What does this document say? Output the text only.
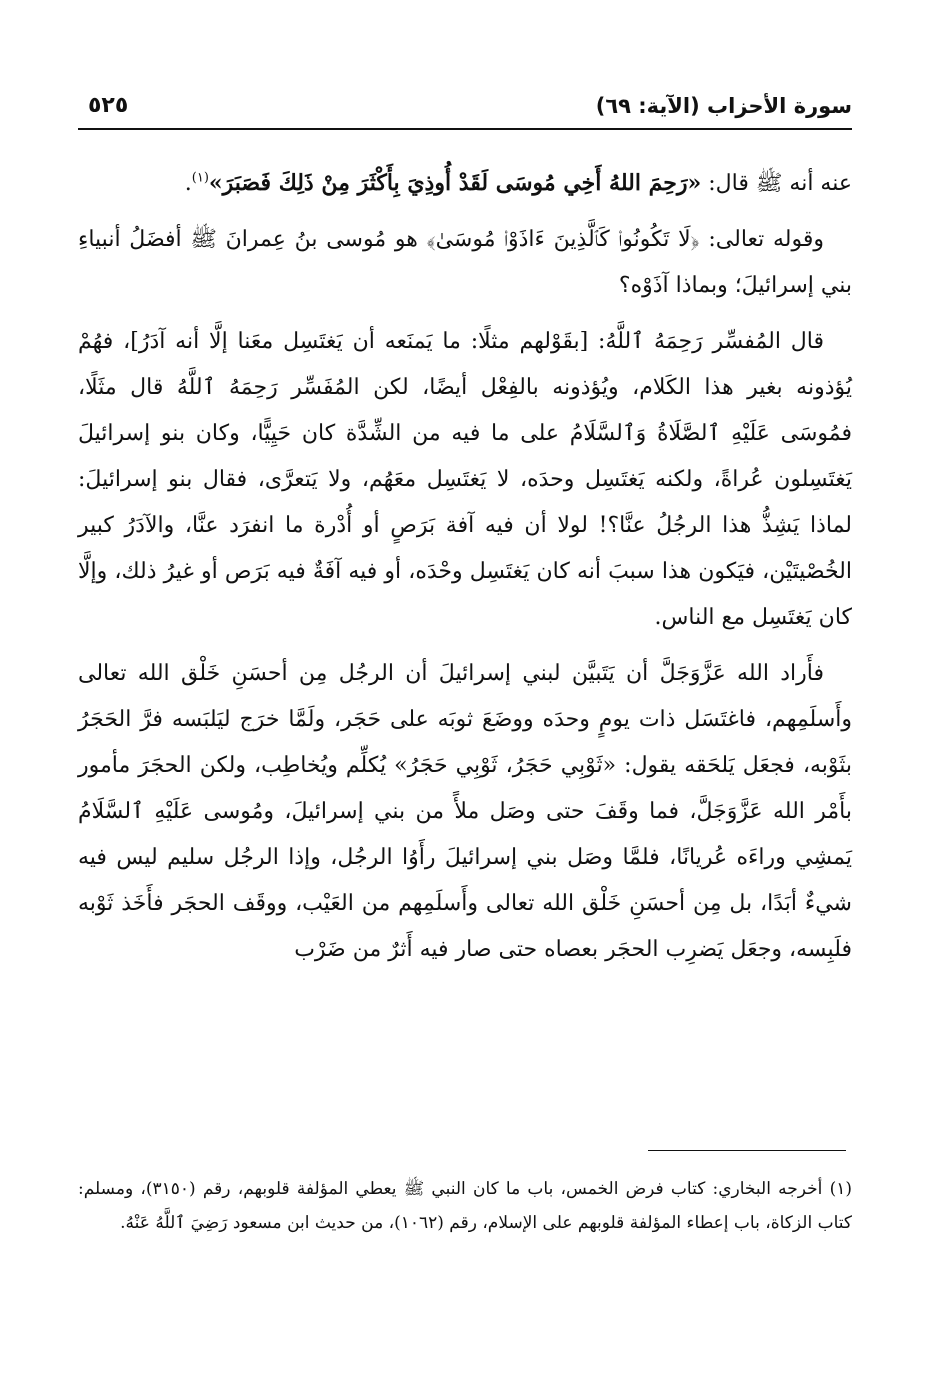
سورة الأحزاب (الآية: ٦٩)
٥٢٥

عنه أنه ﷺ قال: «رَحِمَ اللهُ أَخِي مُوسَى لَقَدْ أُوذِيَ بِأَكْثَرَ مِنْ ذَلِكَ فَصَبَرَ»$^{(١)}$.

وقوله تعالى: ﴿لَا تَكُونُوا۟ كَٱلَّذِينَ ءَاذَوْا۟ مُوسَىٰ﴾ هو مُوسى بنُ عِمرانَ ﷺ أفضَلُ أنبياءِ بني إسرائيلَ؛ وبماذا آذَوْه؟

قال المُفسِّر رَحِمَهُ ٱللَّهُ: [بقَوْلهم مثلًا: ما يَمنَعه أن يَغتَسِل معَنا إلَّا أنه آدَرُ]، فهُمْ يُؤذونه بغير هذا الكَلام، ويُؤذونه بالفِعْل أيضًا، لكن المُفَسِّر رَحِمَهُ ٱللَّهُ قال مثَلًا، فمُوسَى عَلَيْهِ ٱلصَّلَاةُ وَٱلسَّلَامُ على ما فيه من الشِّدَّة كان حَيِيًّا، وكان بنو إسرائيلَ يَغتَسِلون عُراةً، ولكنه يَغتَسِل وحدَه، لا يَغتَسِل معَهُم، ولا يَتعرَّى، فقال بنو إسرائيلَ: لماذا يَشِذُّ هذا الرجُلُ عنَّا؟! لولا أن فيه آفة بَرَصٍ أو أُدْرة ما انفرَد عنَّا، والآدَرُ كبير الخُصْيتَيْن، فيَكون هذا سببَ أنه كان يَغتَسِل وحْدَه، أو فيه آفَةٌ فيه بَرَص أو غيرُ ذلك، وإلَّا كان يَغتَسِل مع الناس.

فأَراد الله عَزَّوَجَلَّ أن يَتَبيَّن لبني إسرائيلَ أن الرجُل مِن أحسَنِ خَلْق الله تعالى وأَسلَمِهم، فاغتَسَل ذات يومٍ وحدَه ووضَعَ ثوبَه على حَجَر، ولَمَّا خرَج ليَلبَسه فرَّ الحَجَرُ بثَوْبه، فجعَل يَلحَقه يقول: «ثَوْبِي حَجَرُ، ثَوْبِي حَجَرُ» يُكلِّم ويُخاطِب، ولكن الحجَرَ مأمور بأَمْر الله عَزَّوَجَلَّ، فما وقَفَ حتى وصَل ملأً من بني إسرائيلَ، ومُوسى عَلَيْهِ ٱلسَّلَامُ يَمشِي وراءَه عُريانًا، فلمَّا وصَل بني إسرائيلَ رأَوُا الرجُل، وإذا الرجُل سليم ليس فيه شيءٌ أبَدًا، بل مِن أحسَنِ خَلْق الله تعالى وأَسلَمِهم من العَيْب، ووقَف الحجَر فأَخَذ ثَوْبه فلَبِسه، وجعَل يَضرِب الحجَر بعصاه حتى صار فيه أَثرٌ من ضَرْب

(١) أخرجه البخاري: كتاب فرض الخمس، باب ما كان النبي ﷺ يعطي المؤلفة قلوبهم، رقم (٣١٥٠)، ومسلم: كتاب الزكاة، باب إعطاء المؤلفة قلوبهم على الإسلام، رقم (١٠٦٢)، من حديث ابن مسعود رَضِيَ ٱللَّهُ عَنْهُ.
